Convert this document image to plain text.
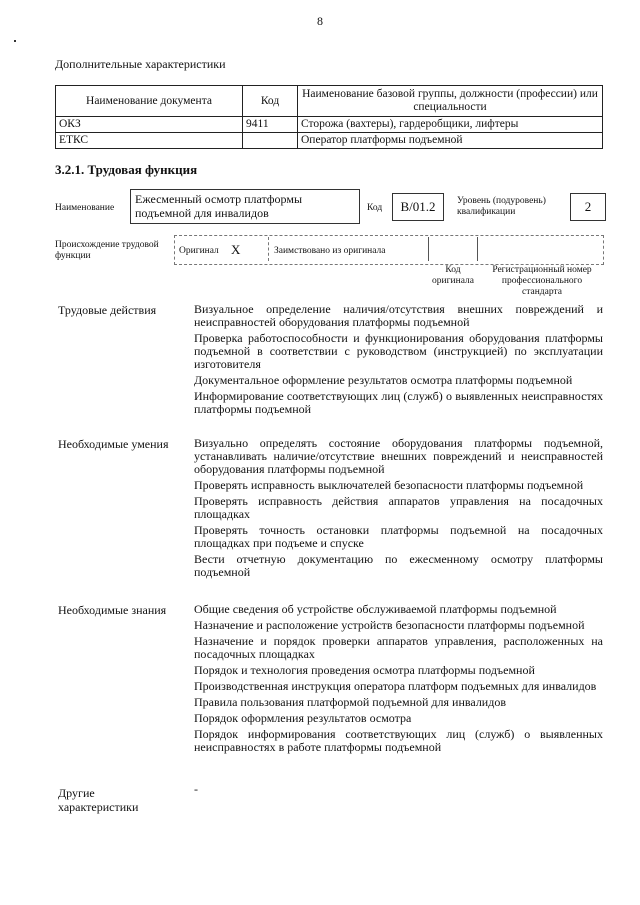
8
Дополнительные характеристики
Наименование документа	Код	Наименование базовой группы, должности (профессии) или специальности
ОКЗ	9411	Сторожа (вахтеры), гардеробщики, лифтеры
ЕТКС		Оператор платформы подъемной
3.2.1. Трудовая функция
Наименование
Ежесменный осмотр платформы подъемной для инвалидов	Код	В/01.2	Уровень (подуровень) квалификации	2
Происхождение трудовой функции	Оригинал X	Заимствовано из оригинала
Код оригинала
Регистрационный номер профессионального стандарта
Трудовые действия	Визуальное определение наличия/отсутствия внешних повреждений и неисправностей оборудования платформы подъемной

Проверка работоспособности и функционирования оборудования платформы подъемной в соответствии с руководством (инструкцией) по эксплуатации изготовителя

Документальное оформление результатов осмотра платформы подъемной

Информирование соответствующих лиц (служб) о выявленных неисправностях платформы подъемной

Необходимые умения	Визуально определять состояние оборудования платформы подъемной, устанавливать наличие/отсутствие внешних повреждений и неисправностей оборудования платформы подъемной

Проверять исправность выключателей безопасности платформы подъемной

Проверять исправность действия аппаратов управления на посадочных площадках

Проверять точность остановки платформы подъемной на посадочных площадках при подъеме и спуске

Вести отчетную документацию по ежесменному осмотру платформы подъемной

Необходимые знания	Общие сведения об устройстве обслуживаемой платформы подъемной

Назначение и расположение устройств безопасности платформы подъемной

Назначение и порядок проверки аппаратов управления, расположенных на посадочных площадках

Порядок и технология проведения осмотра платформы подъемной

Производственная инструкция оператора платформ подъемных для инвалидов

Правила пользования платформой подъемной для инвалидов

Порядок оформления результатов осмотра

Порядок информирования соответствующих лиц (служб) о выявленных неисправностях в работе платформы подъемной

Другие характеристики
-
